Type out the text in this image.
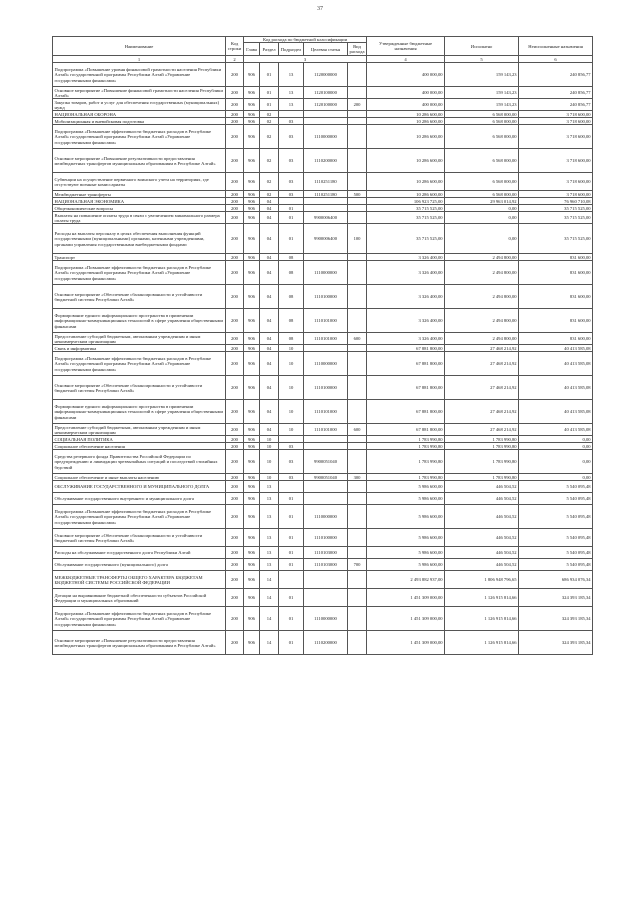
37
Наименование	Код строки	Код расхода по бюджетной классификации					Утвержденные бюджетные назначения	Исполнено	Неисполненные назначения
		Глава	Раздел	Подраздел	Целевая статья	Вид расхода			
1	2	3					4	5	6
Подпрограмма «Повышение уровня финансовой грамотности населения Республики Алтай» государственной программы Республики Алтай «Управление государственными финансами»	200	906	01	13	1120000000		400 000,00	159 143,23	240 856,77
Основное мероприятие «Повышение финансовой грамотности населения Республики Алтай»	200	906	01	13	1120100000		400 000,00	159 143,23	240 856,77
Закупка товаров, работ и услуг для обеспечения государственных (муниципальных) нужд	200	906	01	13	1120100000	200	400 000,00	159 143,23	240 856,77
НАЦИОНАЛЬНАЯ ОБОРОНА	200	906	02				10 286 600,00	6 568 000,00	3 718 600,00
Мобилизационная и вневойсковая подготовка	200	906	02	03			10 286 600,00	6 568 000,00	3 718 600,00
Подпрограмма «Повышение эффективности бюджетных расходов в Республике Алтай» государственной программы Республики Алтай «Управление государственными финансами»	200	906	02	03	1110000000		10 286 600,00	6 568 000,00	3 718 600,00
Основное мероприятие «Повышение результативности предоставления межбюджетных трансфертов муниципальным образованиям в Республике Алтай»	200	906	02	03	1110200000		10 286 600,00	6 568 000,00	3 718 600,00
Субвенции на осуществление первичного воинского учета на территориях, где отсутствуют военные комиссариаты	200	906	02	03	1110251180		10 286 600,00	6 568 000,00	3 718 600,00
Межбюджетные трансферты	200	906	02	03	1110251180	500	10 286 600,00	6 568 000,00	3 718 600,00
НАЦИОНАЛЬНАЯ ЭКОНОМИКА	200	906	04				106 923 725,00	29 963 014,92	76 960 710,08
Общеэкономические вопросы	200	906	04	01			35 715 525,00	0,00	35 715 525,00
Выплаты на повышение оплаты труда в связи с увеличением минимального размера оплаты труда	200	906	04	01	9900006400		35 715 525,00	0,00	35 715 525,00
Расходы на выплаты персоналу в целях обеспечения выполнения функций государственными (муниципальными) органами, казенными учреждениями, органами управления государственными внебюджетными фондами	200	906	04	01	9900006400	100	35 715 525,00	0,00	35 715 525,00
Транспорт	200	906	04	08			3 326 400,00	2 494 800,00	831 600,00
Подпрограмма «Повышение эффективности бюджетных расходов в Республике Алтай» государственной программы Республики Алтай «Управление государственными финансами»	200	906	04	08	1110000000		3 326 400,00	2 494 800,00	831 600,00
Основное мероприятие «Обеспечение сбалансированности и устойчивости бюджетной системы Республики Алтай»	200	906	04	08	1110100000		3 326 400,00	2 494 800,00	831 600,00
Формирование единого информационного пространства в применении информационно-коммуникационных технологий в сфере управления общественными финансами	200	906	04	08	1110101000		3 326 400,00	2 494 800,00	831 600,00
Предоставление субсидий бюджетным, автономным учреждениям и иным некоммерческим организациям	200	906	04	08	1110101000	600	3 326 400,00	2 494 800,00	831 600,00
Связь и информатика	200	906	04	10			67 881 800,00	27 468 214,92	40 413 585,08
Подпрограмма «Повышение эффективности бюджетных расходов в Республике Алтай» государственной программы Республики Алтай «Управление государственными финансами»	200	906	04	10	1110000000		67 881 800,00	27 468 214,92	40 413 585,08
Основное мероприятие «Обеспечение сбалансированности и устойчивости бюджетной системы Республики Алтай»	200	906	04	10	1110100000		67 881 800,00	27 468 214,92	40 413 585,08
Формирование единого информационного пространства в применении информационно-коммуникационных технологий в сфере управления общественными финансами	200	906	04	10	1110101000		67 881 800,00	27 468 214,92	40 413 585,08
Предоставление субсидий бюджетным, автономным учреждениям и иным некоммерческим организациям	200	906	04	10	1110101000	600	67 881 800,00	27 468 214,92	40 413 585,08
СОЦИАЛЬНАЯ ПОЛИТИКА	200	906	10				1 783 990,80	1 783 990,80	0,00
Социальное обеспечение населения	200	906	10	03			1 783 990,80	1 783 990,80	0,00
Средства резервного фонда Правительства Российской Федерации по предупреждению и ликвидации чрезвычайных ситуаций и последствий стихийных бедствий	200	906	10	03	9900051040		1 783 990,80	1 783 990,80	0,00
Социальное обеспечение и иные выплаты населению	200	906	10	03	9900051040	300	1 783 990,80	1 783 990,80	0,00
ОБСЛУЖИВАНИЕ ГОСУДАРСТВЕННОГО И МУНИЦИПАЛЬНОГО ДОЛГА	200	906	13				5 986 600,00	446 504,52	5 540 095,48
Обслуживание государственного внутреннего и муниципального долга	200	906	13	01			5 986 600,00	446 504,52	5 540 095,48
Подпрограмма «Повышение эффективности бюджетных расходов в Республике Алтай» государственной программы Республики Алтай «Управление государственными финансами»	200	906	13	01	1110000000		5 986 600,00	446 504,52	5 540 095,48
Основное мероприятие «Обеспечение сбалансированности и устойчивости бюджетной системы Республики Алтай»	200	906	13	01	1110100000		5 986 600,00	446 504,52	5 540 095,48
Расходы на обслуживание государственного долга Республики Алтай	200	906	13	01	1110103000		5 986 600,00	446 504,52	5 540 095,48
Обслуживание государственного (муниципального) долга	200	906	13	01	1110103000	700	5 986 600,00	446 504,52	5 540 095,48
МЕЖБЮДЖЕТНЫЕ ТРАНСФЕРТЫ ОБЩЕГО ХАРАКТЕРА БЮДЖЕТАМ БЮДЖЕТНОЙ СИСТЕМЫ РОССИЙСКОЙ ФЕДЕРАЦИИ	200	906	14				2 493 882 937,00	1 806 948 796,65	686 934 076,34
Дотации на выравнивание бюджетной обеспеченности субъектов Российской Федерации и муниципальных образований	200	906	14	01			1 451 309 000,00	1 126 915 814,66	324 393 185,34
Подпрограмма «Повышение эффективности бюджетных расходов в Республике Алтай» государственной программы Республики Алтай «Управление государственными финансами»	200	906	14	01	1110000000		1 451 309 000,00	1 126 915 814,66	324 393 185,34
Основное мероприятие «Повышение результативности предоставления межбюджетных трансфертов муниципальным образованиям в Республике Алтай»	200	906	14	01	1110200000		1 451 309 000,00	1 126 915 814,66	324 393 185,34
